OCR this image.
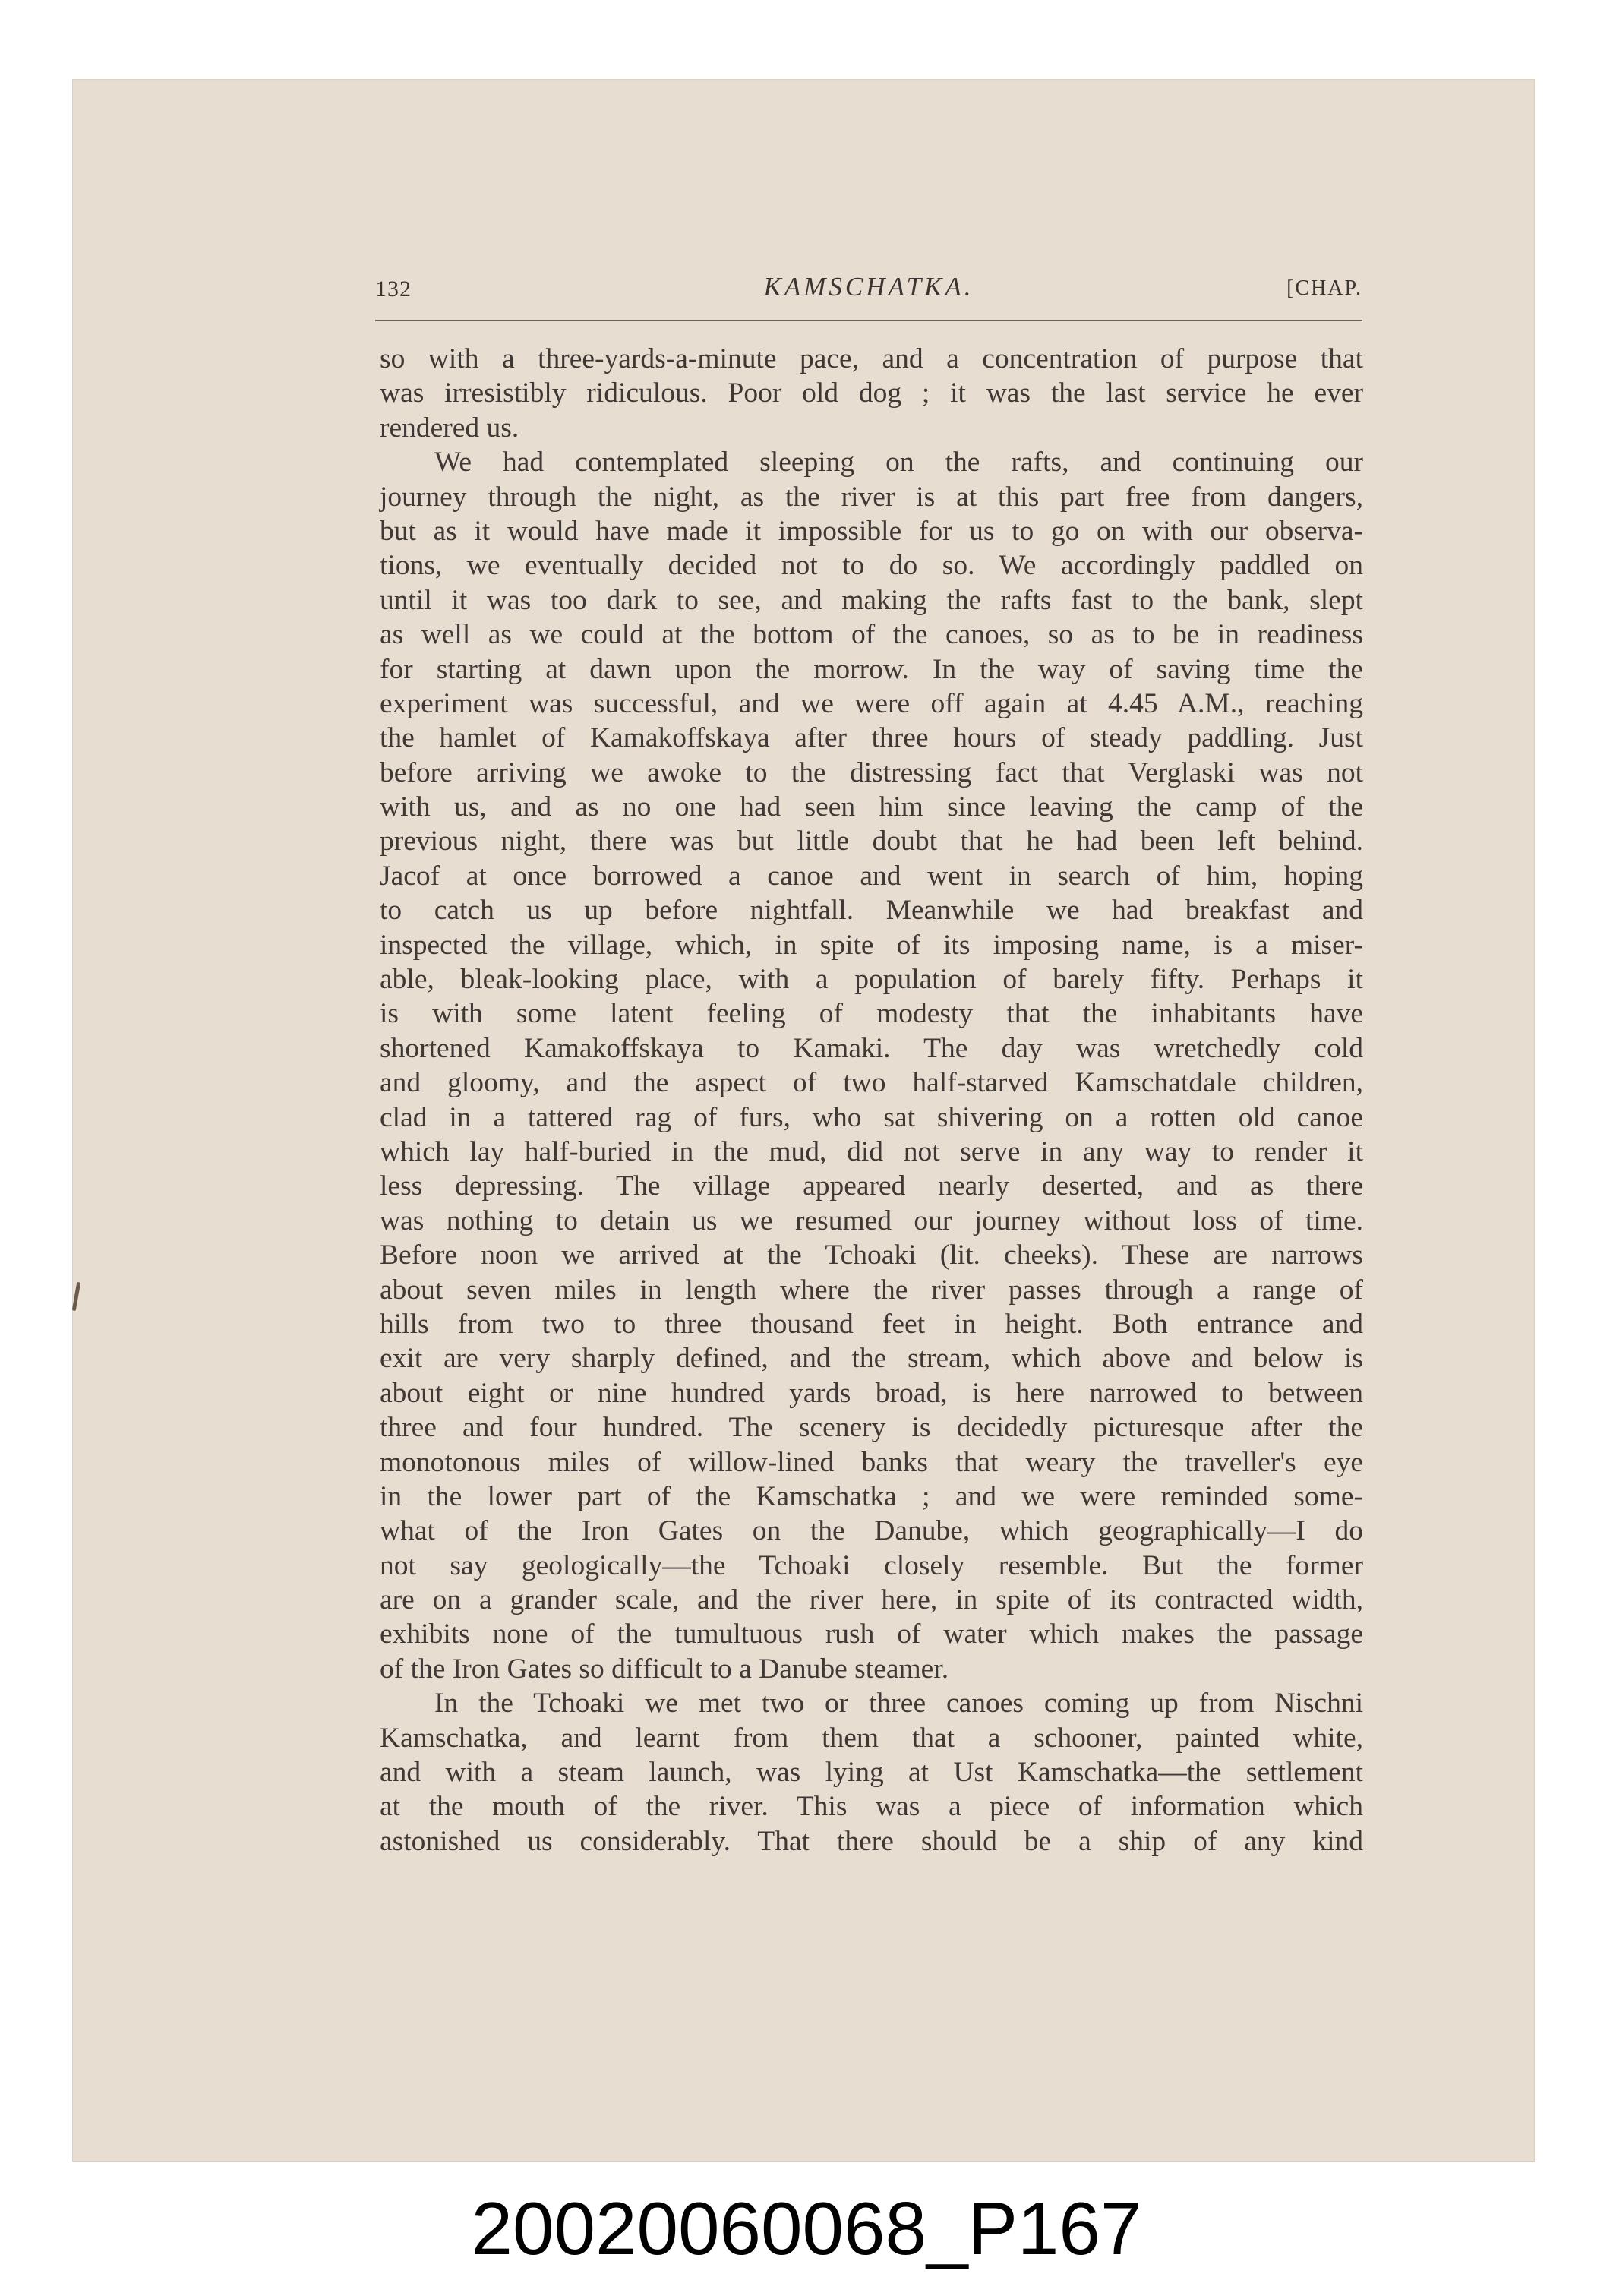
132	KAMSCHATKA.	[CHAP.
so with a three-yards-a-minute pace, and a concentration of purpose that
was irresistibly ridiculous. Poor old dog ; it was the last service he ever
rendered us.
We had contemplated sleeping on the rafts, and continuing our
journey through the night, as the river is at this part free from dangers,
but as it would have made it impossible for us to go on with our observa-
tions, we eventually decided not to do so. We accordingly paddled on
until it was too dark to see, and making the rafts fast to the bank, slept
as well as we could at the bottom of the canoes, so as to be in readiness
for starting at dawn upon the morrow. In the way of saving time the
experiment was successful, and we were off again at 4.45 A.M., reaching
the hamlet of Kamakoffskaya after three hours of steady paddling. Just
before arriving we awoke to the distressing fact that Verglaski was not
with us, and as no one had seen him since leaving the camp of the
previous night, there was but little doubt that he had been left behind.
Jacof at once borrowed a canoe and went in search of him, hoping
to catch us up before nightfall. Meanwhile we had breakfast and
inspected the village, which, in spite of its imposing name, is a miser-
able, bleak-looking place, with a population of barely fifty. Perhaps it
is with some latent feeling of modesty that the inhabitants have
shortened Kamakoffskaya to Kamaki. The day was wretchedly cold
and gloomy, and the aspect of two half-starved Kamschatdale children,
clad in a tattered rag of furs, who sat shivering on a rotten old canoe
which lay half-buried in the mud, did not serve in any way to render it
less depressing. The village appeared nearly deserted, and as there
was nothing to detain us we resumed our journey without loss of time.
Before noon we arrived at the Tchoaki (lit. cheeks). These are narrows
about seven miles in length where the river passes through a range of
hills from two to three thousand feet in height. Both entrance and
exit are very sharply defined, and the stream, which above and below is
about eight or nine hundred yards broad, is here narrowed to between
three and four hundred. The scenery is decidedly picturesque after the
monotonous miles of willow-lined banks that weary the traveller's eye
in the lower part of the Kamschatka ; and we were reminded some-
what of the Iron Gates on the Danube, which geographically—I do
not say geologically—the Tchoaki closely resemble. But the former
are on a grander scale, and the river here, in spite of its contracted width,
exhibits none of the tumultuous rush of water which makes the passage
of the Iron Gates so difficult to a Danube steamer.
In the Tchoaki we met two or three canoes coming up from Nischni
Kamschatka, and learnt from them that a schooner, painted white,
and with a steam launch, was lying at Ust Kamschatka—the settlement
at the mouth of the river. This was a piece of information which
astonished us considerably. That there should be a ship of any kind
20020060068_P167
